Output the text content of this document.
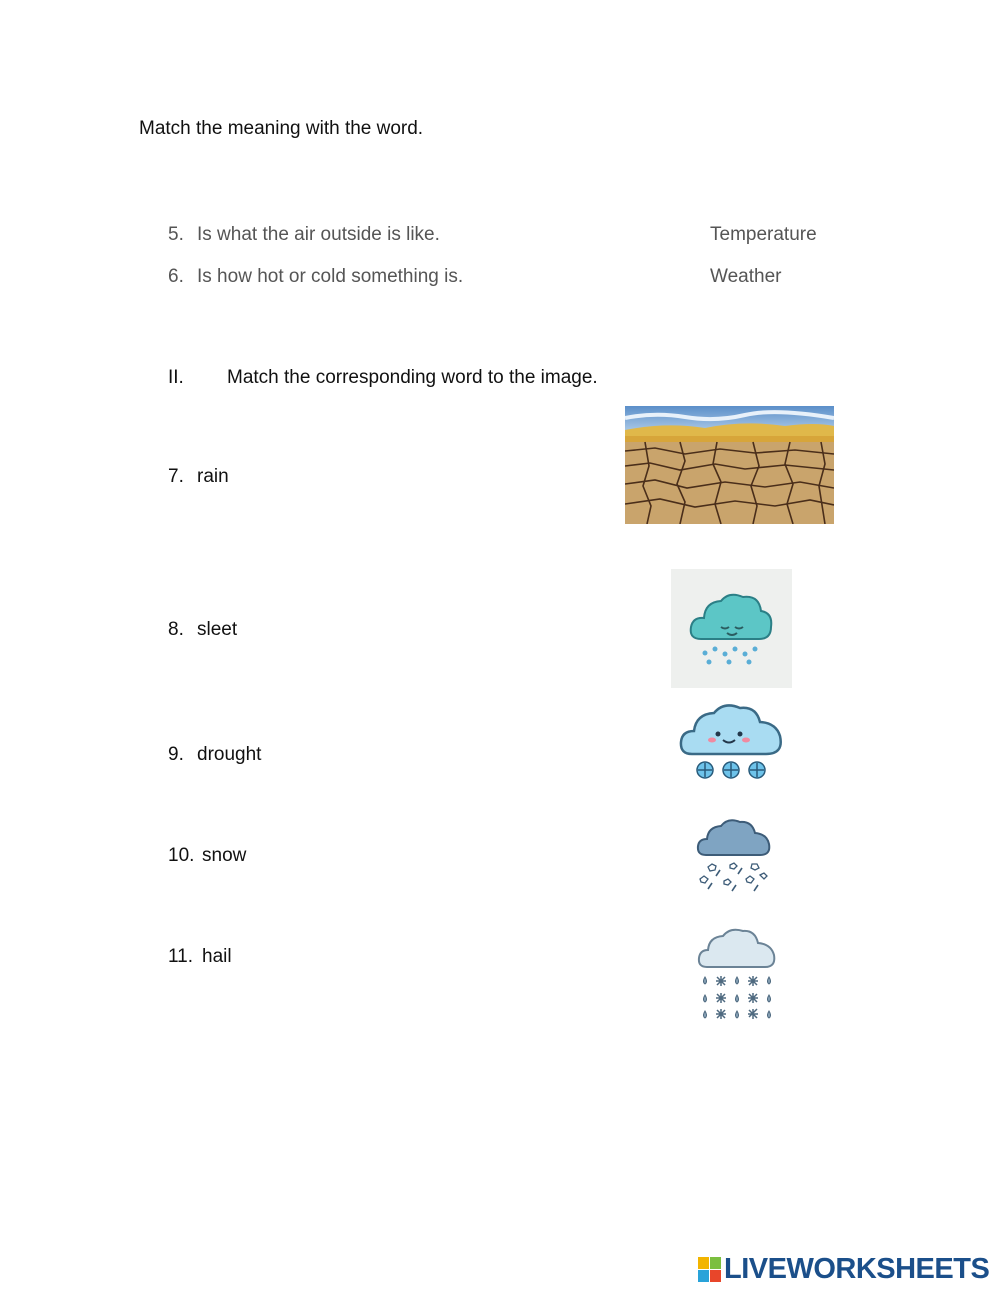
Match the meaning with the word.
5. Is what the air outside is like.	Temperature
6. Is how hot or cold something is.	Weather
II. Match the corresponding word to the image.
7. rain
8. sleet
9. drought
10. snow
11. hail
LIVEWORKSHEETS
